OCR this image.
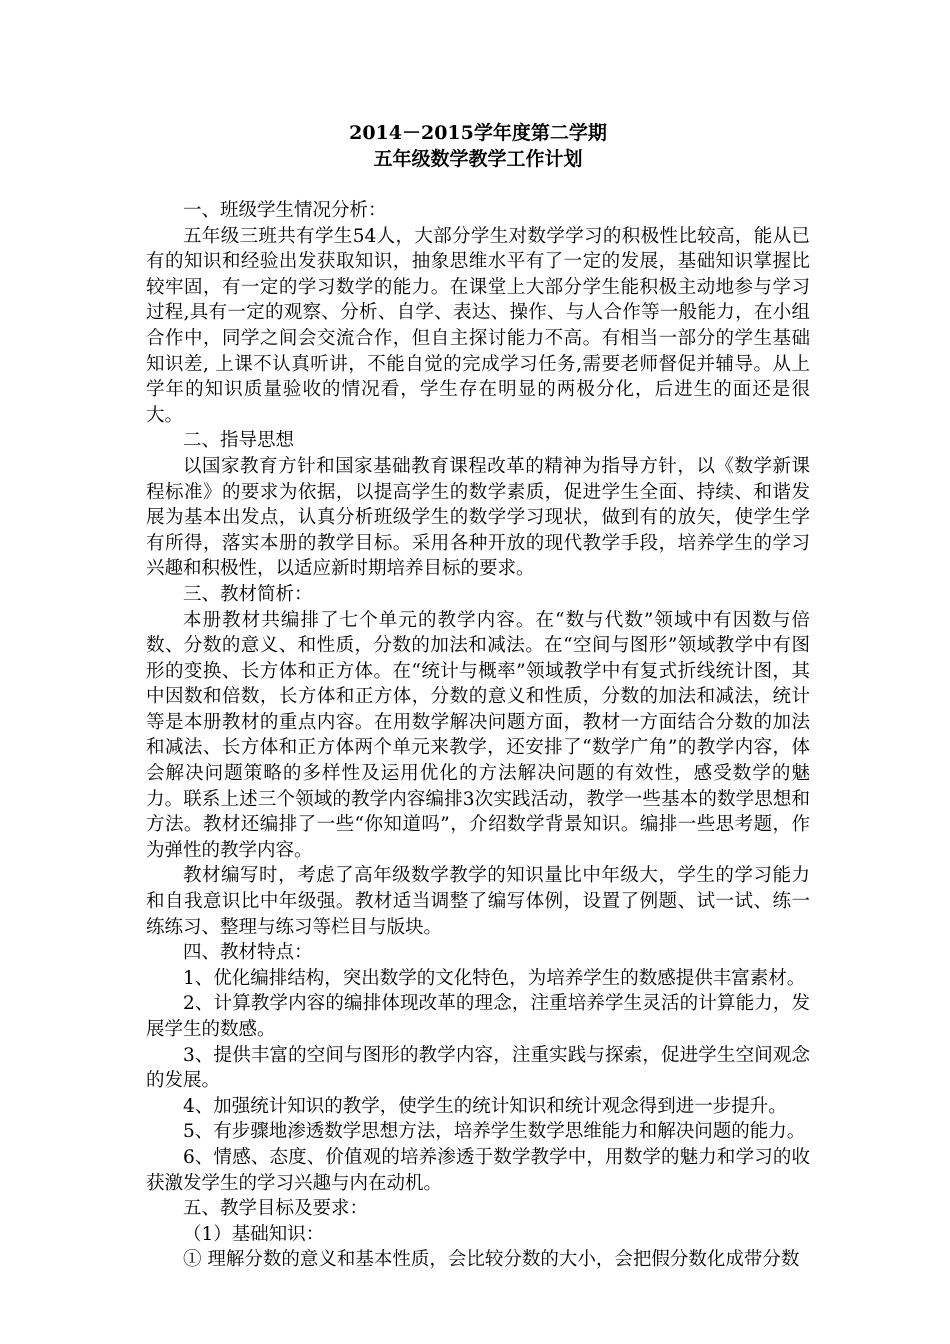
2014－2015学年度第二学期

五年级数学教学工作计划

一、班级学生情况分析：

五年级三班共有学生54人，大部分学生对数学学习的积极性比较高，能从已有的知识和经验出发获取知识，抽象思维水平有了一定的发展，基础知识掌握比较牢固，有一定的学习数学的能力。在课堂上大部分学生能积极主动地参与学习过程,具有一定的观察、分析、自学、表达、操作、与人合作等一般能力，在小组合作中，同学之间会交流合作，但自主探讨能力不高。有相当一部分的学生基础知识差, 上课不认真听讲，不能自觉的完成学习任务,需要老师督促并辅导。从上学年的知识质量验收的情况看，学生存在明显的两极分化，后进生的面还是很大。

二、指导思想

以国家教育方针和国家基础教育课程改革的精神为指导方针，以《数学新课程标准》的要求为依据，以提高学生的数学素质，促进学生全面、持续、和谐发展为基本出发点，认真分析班级学生的数学学习现状，做到有的放矢，使学生学有所得，落实本册的教学目标。采用各种开放的现代教学手段，培养学生的学习兴趣和积极性，以适应新时期培养目标的要求。

三、教材简析：

本册教材共编排了七个单元的教学内容。在“数与代数”领域中有因数与倍数、分数的意义、和性质，分数的加法和减法。在“空间与图形”领域教学中有图形的变换、长方体和正方体。在“统计与概率”领域教学中有复式折线统计图，其中因数和倍数，长方体和正方体，分数的意义和性质，分数的加法和减法，统计等是本册教材的重点内容。在用数学解决问题方面，教材一方面结合分数的加法和减法、长方体和正方体两个单元来教学，还安排了“数学广角”的教学内容，体会解决问题策略的多样性及运用优化的方法解决问题的有效性，感受数学的魅力。联系上述三个领域的教学内容编排3次实践活动，教学一些基本的数学思想和方法。教材还编排了一些“你知道吗”，介绍数学背景知识。编排一些思考题，作为弹性的教学内容。

教材编写时，考虑了高年级数学教学的知识量比中年级大，学生的学习能力和自我意识比中年级强。教材适当调整了编写体例，设置了例题、试一试、练一练练习、整理与练习等栏目与版块。

四、教材特点：

1、优化编排结构，突出数学的文化特色，为培养学生的数感提供丰富素材。

2、计算教学内容的编排体现改革的理念，注重培养学生灵活的计算能力，发展学生的数感。

3、提供丰富的空间与图形的教学内容，注重实践与探索，促进学生空间观念的发展。

4、加强统计知识的教学，使学生的统计知识和统计观念得到进一步提升。

5、有步骤地渗透数学思想方法，培养学生数学思维能力和解决问题的能力。

6、情感、态度、价值观的培养渗透于数学教学中，用数学的魅力和学习的收获激发学生的学习兴趣与内在动机。

五、教学目标及要求：

（1）基础知识：

① 理解分数的意义和基本性质，会比较分数的大小，会把假分数化成带分数
